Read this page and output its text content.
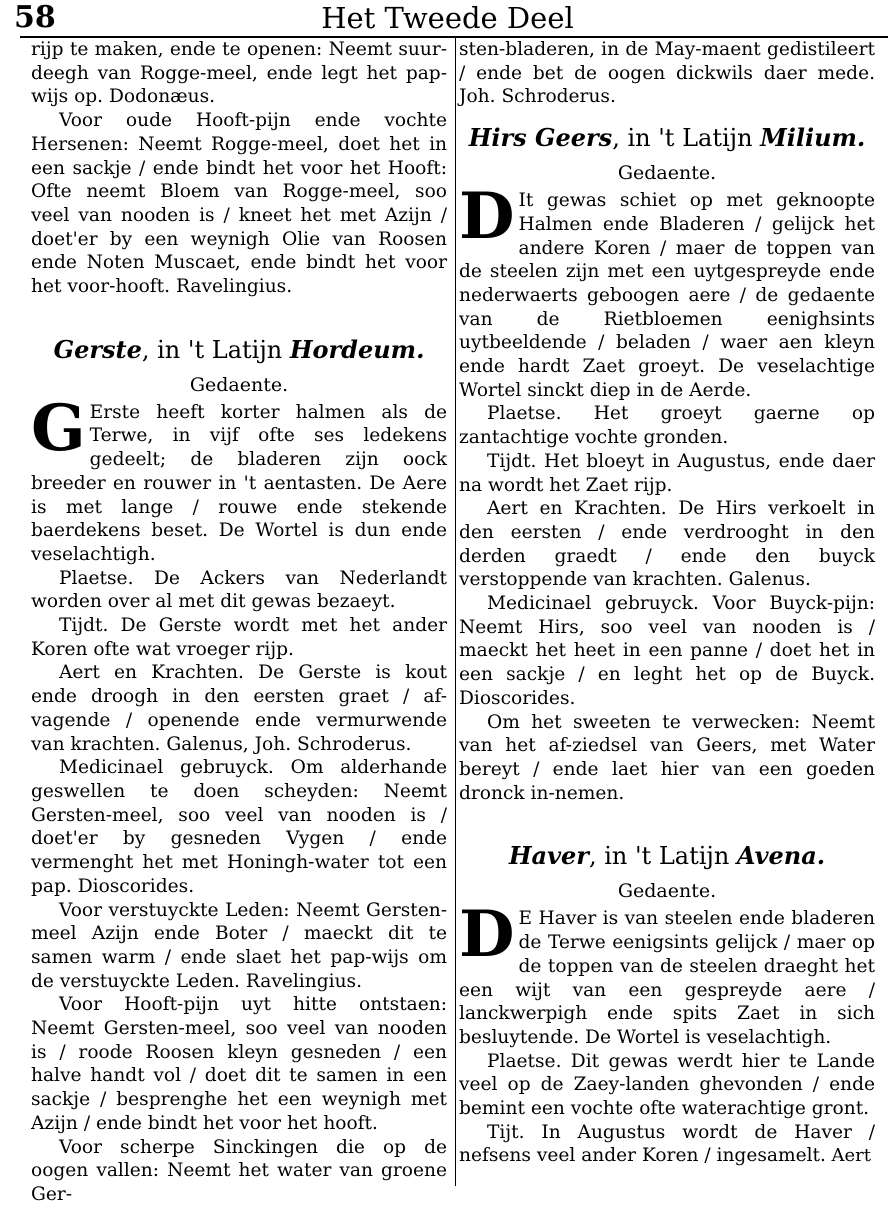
58	Het Tweede Deel

rijp te maken, ende te openen: Neemt suur-deegh van Rogge-meel, ende legt het pap-wijs op. Dodonæus.

Voor oude Hooft-pijn ende vochte Hersenen: Neemt Rogge-meel, doet het in een sackje / ende bindt het voor het Hooft: Ofte neemt Bloem van Rogge-meel, soo veel van nooden is / kneet het met Azijn / doet'er by een weynigh Olie van Roosen ende Noten Muscaet, ende bindt het voor het voor-hooft. Ravelingius.

Gerste, in 't Latijn Hordeum.
Gedaente.

G Erste heeft korter halmen als de Terwe, in vijf ofte ses ledekens gedeelt; de bladeren zijn oock breeder en rouwer in 't aentasten. De Aere is met lange / rouwe ende stekende baerdekens beset. De Wortel is dun ende veselachtigh.

Plaetse. De Ackers van Nederlandt worden over al met dit gewas bezaeyt.

Tijdt. De Gerste wordt met het ander Koren ofte wat vroeger rijp.

Aert en Krachten. De Gerste is kout ende droogh in den eersten graet / af-vagende / openende ende vermurwende van krachten. Galenus, Joh. Schroderus.

Medicinael gebruyck. Om alderhande geswellen te doen scheyden: Neemt Gersten-meel, soo veel van nooden is / doet'er by gesneden Vygen / ende vermenght het met Honingh-water tot een pap. Dioscorides.

Voor verstuyckte Leden: Neemt Gersten-meel Azijn ende Boter / maeckt dit te samen warm / ende slaet het pap-wijs om de verstuyckte Leden. Ravelingius.

Voor Hooft-pijn uyt hitte ontstaen: Neemt Gersten-meel, soo veel van nooden is / roode Roosen kleyn gesneden / een halve handt vol / doet dit te samen in een sackje / besprenghe het een weynigh met Azijn / ende bindt het voor het hooft.

Voor scherpe Sinckingen die op de oogen vallen: Neemt het water van groene Ger-

sten-bladeren, in de May-maent gedistileert / ende bet de oogen dickwils daer mede. Joh. Schroderus.

Hirs Geers, in 't Latijn Milium.
Gedaente.

D It gewas schiet op met geknoopte Halmen ende Bladeren / gelijck het andere Koren / maer de toppen van de steelen zijn met een uytgespreyde ende nederwaerts geboogen aere / de gedaente van de Rietbloemen eenighsints uytbeeldende / beladen / waer aen kleyn ende hardt Zaet groeyt. De veselachtige Wortel sinckt diep in de Aerde.

Plaetse. Het groeyt gaerne op zantachtige vochte gronden.

Tijdt. Het bloeyt in Augustus, ende daer na wordt het Zaet rijp.

Aert en Krachten. De Hirs verkoelt in den eersten / ende verdrooght in den derden graedt / ende den buyck verstoppende van krachten. Galenus.

Medicinael gebruyck. Voor Buyck-pijn: Neemt Hirs, soo veel van nooden is / maeckt het heet in een panne / doet het in een sackje / en leght het op de Buyck. Dioscorides.

Om het sweeten te verwecken: Neemt van het af-ziedsel van Geers, met Water bereyt / ende laet hier van een goeden dronck in-nemen.

Haver, in 't Latijn Avena.
Gedaente.

D E Haver is van steelen ende bladeren de Terwe eenigsints gelijck / maer op de toppen van de steelen draeght het een wijt van een gespreyde aere / lanckwerpigh ende spits Zaet in sich besluytende. De Wortel is veselachtigh.

Plaetse. Dit gewas werdt hier te Lande veel op de Zaey-landen ghevonden / ende bemint een vochte ofte waterachtige gront.

Tijt. In Augustus wordt de Haver / nefsens veel ander Koren / ingesamelt. Aert
